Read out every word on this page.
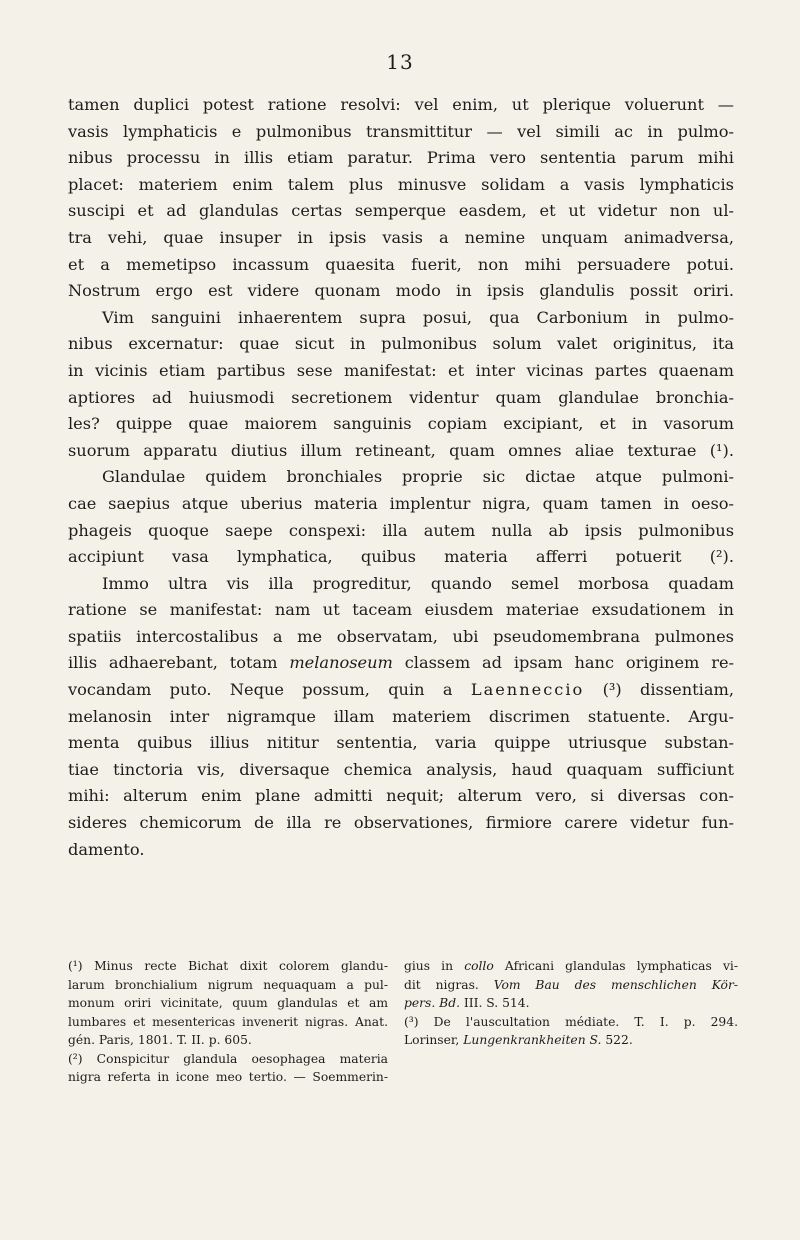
13
tamen duplici potest ratione resolvi: vel enim, ut plerique voluerunt —
vasis lymphaticis e pulmonibus transmittitur — vel simili ac in pulmo-
nibus processu in illis etiam paratur. Prima vero sententia parum mihi
placet: materiem enim talem plus minusve solidam a vasis lymphaticis
suscipi et ad glandulas certas semperque easdem, et ut videtur non ul-
tra vehi, quae insuper in ipsis vasis a nemine unquam animadversa,
et a memetipso incassum quaesita fuerit, non mihi persuadere potui.
Nostrum ergo est videre quonam modo in ipsis glandulis possit oriri.
Vim sanguini inhaerentem supra posui, qua Carbonium in pulmo-
nibus excernatur: quae sicut in pulmonibus solum valet originitus, ita
in vicinis etiam partibus sese manifestat: et inter vicinas partes quaenam
aptiores ad huiusmodi secretionem videntur quam glandulae bronchia-
les? quippe quae maiorem sanguinis copiam excipiant, et in vasorum
suorum apparatu diutius illum retineant, quam omnes aliae texturae (¹).
Glandulae quidem bronchiales proprie sic dictae atque pulmoni-
cae saepius atque uberius materia implentur nigra, quam tamen in oeso-
phageis quoque saepe conspexi: illa autem nulla ab ipsis pulmonibus
accipiunt vasa lymphatica, quibus materia afferri potuerit (²).
Immo ultra vis illa progreditur, quando semel morbosa quadam
ratione se manifestat: nam ut taceam eiusdem materiae exsudationem in
spatiis intercostalibus a me observatam, ubi pseudomembrana pulmones
illis adhaerebant, totam melanoseum classem ad ipsam hanc originem re-
vocandam puto. Neque possum, quin a Laenneccio (³) dissentiam,
melanosin inter nigramque illam materiem discrimen statuente. Argu-
menta quibus illius nititur sententia, varia quippe utriusque substan-
tiae tinctoria vis, diversaque chemica analysis, haud quaquam sufficiunt
mihi: alterum enim plane admitti nequit; alterum vero, si diversas con-
sideres chemicorum de illa re observationes, firmiore carere videtur fun-
damento.
(¹) Minus recte Bichat dixit colorem glandu-
larum bronchialium nigrum nequaquam a pul-
monum oriri vicinitate, quum glandulas et am
lumbares et mesentericas invenerit nigras. Anat.
gén. Paris, 1801. T. II. p. 605.
(²) Conspicitur glandula oesophagea materia
nigra referta in icone meo tertio. — Soemmerin-
gius in collo Africani glandulas lymphaticas vi-
dit nigras. Vom Bau des menschlichen Kör-
pers. Bd. III. S. 514.
(³) De l'auscultation médiate. T. I. p. 294.
Lorinser, Lungenkrankheiten S. 522.
